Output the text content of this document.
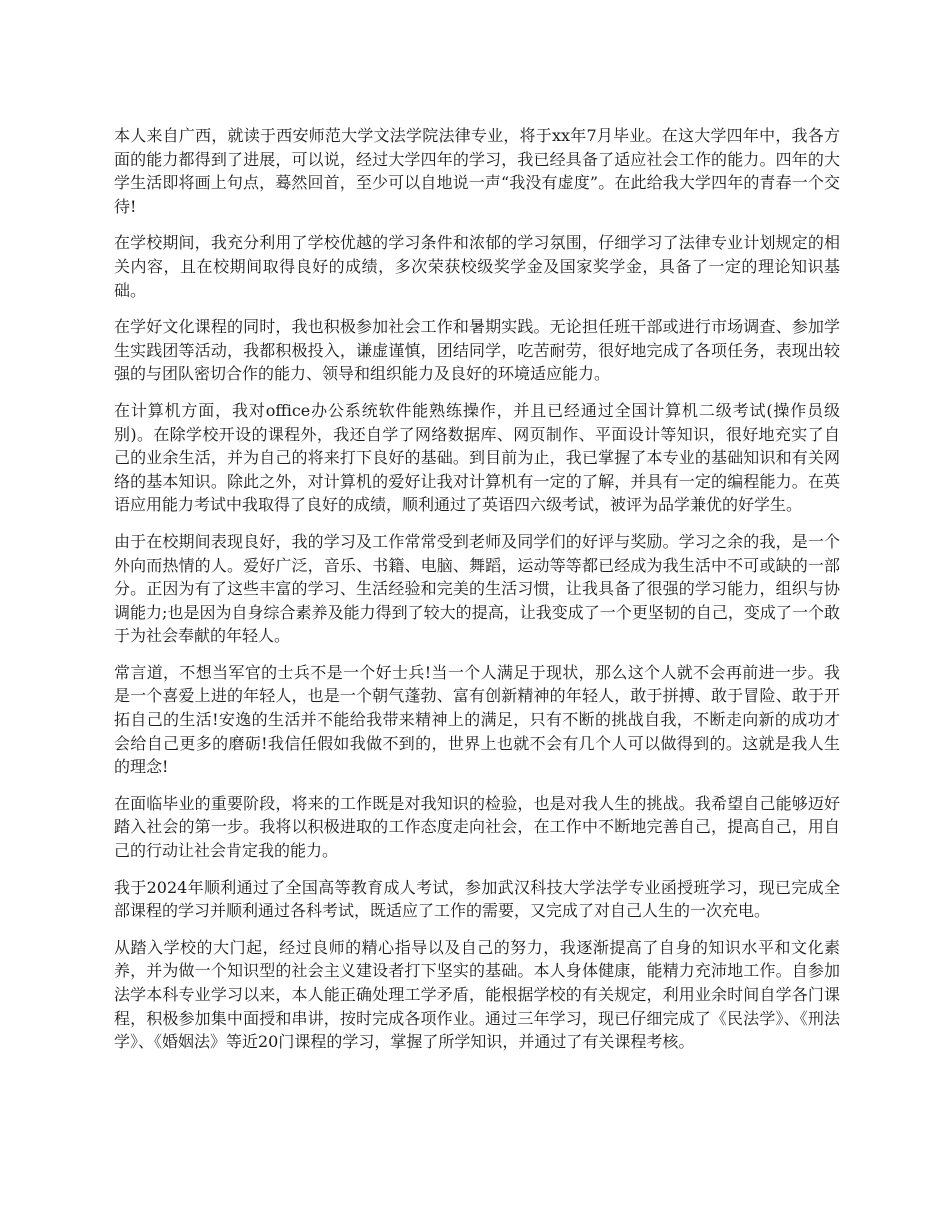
本人来自广西，就读于西安师范大学文法学院法律专业，将于xx年7月毕业。在这大学四年中，我各方面的能力都得到了进展，可以说，经过大学四年的学习，我已经具备了适应社会工作的能力。四年的大学生活即将画上句点，蓦然回首，至少可以自地说一声“我没有虚度”。在此给我大学四年的青春一个交待!

在学校期间，我充分利用了学校优越的学习条件和浓郁的学习氛围，仔细学习了法律专业计划规定的相关内容，且在校期间取得良好的成绩，多次荣获校级奖学金及国家奖学金，具备了一定的理论知识基础。

在学好文化课程的同时，我也积极参加社会工作和暑期实践。无论担任班干部或进行市场调查、参加学生实践团等活动，我都积极投入，谦虚谨慎，团结同学，吃苦耐劳，很好地完成了各项任务，表现出较强的与团队密切合作的能力、领导和组织能力及良好的环境适应能力。

在计算机方面，我对office办公系统软件能熟练操作，并且已经通过全国计算机二级考试(操作员级别)。在除学校开设的课程外，我还自学了网络数据库、网页制作、平面设计等知识，很好地充实了自己的业余生活，并为自己的将来打下良好的基础。到目前为止，我已掌握了本专业的基础知识和有关网络的基本知识。除此之外，对计算机的爱好让我对计算机有一定的了解，并具有一定的编程能力。在英语应用能力考试中我取得了良好的成绩，顺利通过了英语四六级考试，被评为品学兼优的好学生。

由于在校期间表现良好，我的学习及工作常常受到老师及同学们的好评与奖励。学习之余的我，是一个外向而热情的人。爱好广泛，音乐、书籍、电脑、舞蹈，运动等等都已经成为我生活中不可或缺的一部分。正因为有了这些丰富的学习、生活经验和完美的生活习惯，让我具备了很强的学习能力，组织与协调能力;也是因为自身综合素养及能力得到了较大的提高，让我变成了一个更坚韧的自己，变成了一个敢于为社会奉献的年轻人。

常言道，不想当军官的士兵不是一个好士兵!当一个人满足于现状，那么这个人就不会再前进一步。我是一个喜爱上进的年轻人，也是一个朝气蓬勃、富有创新精神的年轻人，敢于拼搏、敢于冒险、敢于开拓自己的生活!安逸的生活并不能给我带来精神上的满足，只有不断的挑战自我，不断走向新的成功才会给自己更多的磨砺!我信任假如我做不到的，世界上也就不会有几个人可以做得到的。这就是我人生的理念!

在面临毕业的重要阶段，将来的工作既是对我知识的检验，也是对我人生的挑战。我希望自己能够迈好踏入社会的第一步。我将以积极进取的工作态度走向社会，在工作中不断地完善自己，提高自己，用自己的行动让社会肯定我的能力。

我于2024年顺利通过了全国高等教育成人考试，参加武汉科技大学法学专业函授班学习，现已完成全部课程的学习并顺利通过各科考试，既适应了工作的需要，又完成了对自己人生的一次充电。

从踏入学校的大门起，经过良师的精心指导以及自己的努力，我逐渐提高了自身的知识水平和文化素养，并为做一个知识型的社会主义建设者打下坚实的基础。本人身体健康，能精力充沛地工作。自参加法学本科专业学习以来，本人能正确处理工学矛盾，能根据学校的有关规定，利用业余时间自学各门课程，积极参加集中面授和串讲，按时完成各项作业。通过三年学习，现已仔细完成了《民法学》、《刑法学》、《婚姻法》等近20门课程的学习，掌握了所学知识，并通过了有关课程考核。
